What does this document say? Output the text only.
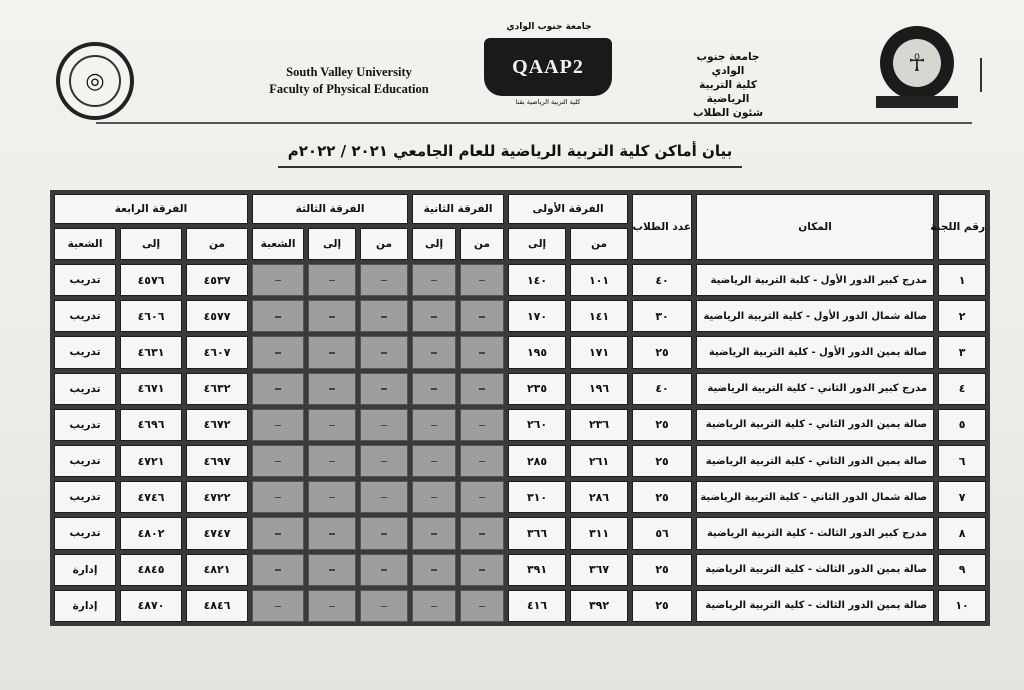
◎	South Valley University
Faculty of Physical Education
جامعة جنوب الوادي
QAAP2
كلية التربية الرياضية بقنا
جامعة جنوب الوادي
كلية التربية الرياضية
شئون الطلاب
☥
بيان أماكن كلية التربية الرياضية للعام الجامعي ٢٠٢١ / ٢٠٢٢م
رقم اللجنة	المكان	عدد الطلاب	الفرقة الأولى		الفرقة الثانية		الفرقة الثالثة			الفرقة الرابعة		
			من	إلى	من	إلى	من	إلى	الشعبة	من	إلى	الشعبة
١	مدرج كبير الدور الأول - كلية التربية الرياضية	٤٠	١٠١	١٤٠						٤٥٣٧	٤٥٧٦	تدريب
٢	صالة شمال الدور الأول - كلية التربية الرياضية	٣٠	١٤١	١٧٠						٤٥٧٧	٤٦٠٦	تدريب
٣	صالة يمين الدور الأول - كلية التربية الرياضية	٢٥	١٧١	١٩٥						٤٦٠٧	٤٦٣١	تدريب
٤	مدرج كبير الدور الثاني - كلية التربية الرياضية	٤٠	١٩٦	٢٣٥						٤٦٣٢	٤٦٧١	تدريب
٥	صالة يمين الدور الثاني - كلية التربية الرياضية	٢٥	٢٣٦	٢٦٠						٤٦٧٢	٤٦٩٦	تدريب
٦	صالة يمين الدور الثاني - كلية التربية الرياضية	٢٥	٢٦١	٢٨٥						٤٦٩٧	٤٧٢١	تدريب
٧	صالة شمال الدور الثاني - كلية التربية الرياضية	٢٥	٢٨٦	٣١٠						٤٧٢٢	٤٧٤٦	تدريب
٨	مدرج كبير الدور الثالث - كلية التربية الرياضية	٥٦	٣١١	٣٦٦						٤٧٤٧	٤٨٠٢	تدريب
٩	صالة يمين الدور الثالث - كلية التربية الرياضية	٢٥	٣٦٧	٣٩١						٤٨٢١	٤٨٤٥	إدارة
١٠	صالة يمين الدور الثالث - كلية التربية الرياضية	٢٥	٣٩٢	٤١٦						٤٨٤٦	٤٨٧٠	إدارة
